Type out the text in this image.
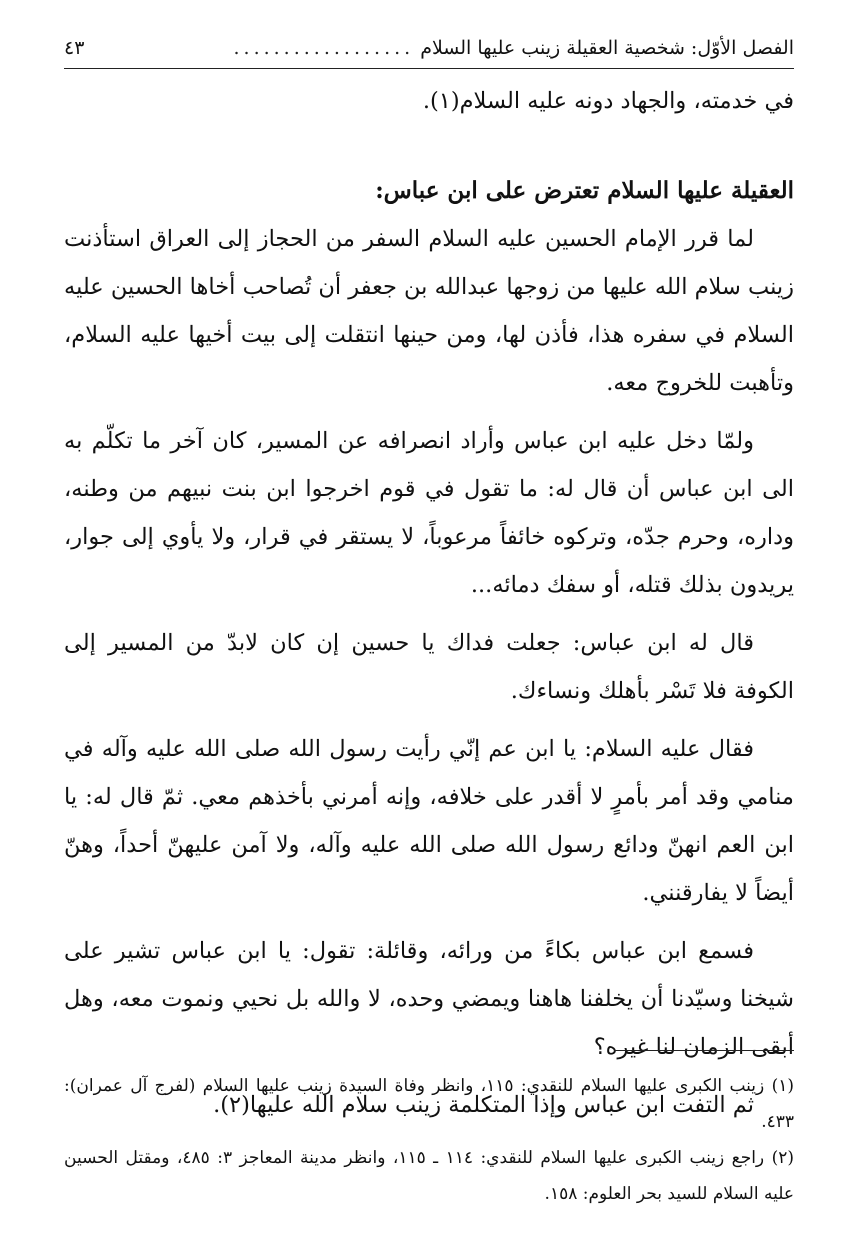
الفصل الأوّل: شخصية العقيلة زينب عليها السلام
..................
٤٣

في خدمته، والجهاد دونه عليه السلام(١).

العقيلة عليها السلام تعترض على ابن عباس:

لما قرر الإمام الحسين عليه السلام السفر من الحجاز إلى العراق استأذنت زينب سلام الله عليها من زوجها عبدالله بن جعفر أن تُصاحب أخاها الحسين عليه السلام في سفره هذا، فأذن لها، ومن حينها انتقلت إلى بيت أخيها عليه السلام، وتأهبت للخروج معه.

ولمّا دخل عليه ابن عباس وأراد انصرافه عن المسير، كان آخر ما تكلّم به الى ابن عباس أن قال له: ما تقول في قوم اخرجوا ابن بنت نبيهم من وطنه، وداره، وحرم جدّه، وتركوه خائفاً مرعوباً، لا يستقر في قرار، ولا يأوي إلى جوار، يريدون بذلك قتله، أو سفك دمائه...

قال له ابن عباس: جعلت فداك يا حسين إن كان لابدّ من المسير إلى الكوفة فلا تَسْر بأهلك ونساءك.

فقال عليه السلام: يا ابن عم إنّي رأيت رسول الله صلى الله عليه وآله في منامي وقد أمر بأمرٍ لا أقدر على خلافه، وإنه أمرني بأخذهم معي. ثمّ قال له: يا ابن العم انهنّ ودائع رسول الله صلى الله عليه وآله، ولا آمن عليهنّ أحداً، وهنّ أيضاً لا يفارقنني.

فسمع ابن عباس بكاءً من ورائه، وقائلة: تقول: يا ابن عباس تشير على شيخنا وسيّدنا أن يخلفنا هاهنا ويمضي وحده، لا والله بل نحيي ونموت معه، وهل أبقى الزمان لنا غيره؟

ثم التفت ابن عباس وإذا المتكلمة زينب سلام الله عليها(٢).

(١) زينب الكبرى عليها السلام للنقدي: ١١٥، وانظر وفاة السيدة زينب عليها السلام (لفرج آل عمران): ٤٣٣.

(٢) راجع زينب الكبرى عليها السلام للنقدي: ١١٤ ـ ١١٥، وانظر مدينة المعاجز ٣: ٤٨٥، ومقتل الحسين عليه السلام للسيد بحر العلوم: ١٥٨.
